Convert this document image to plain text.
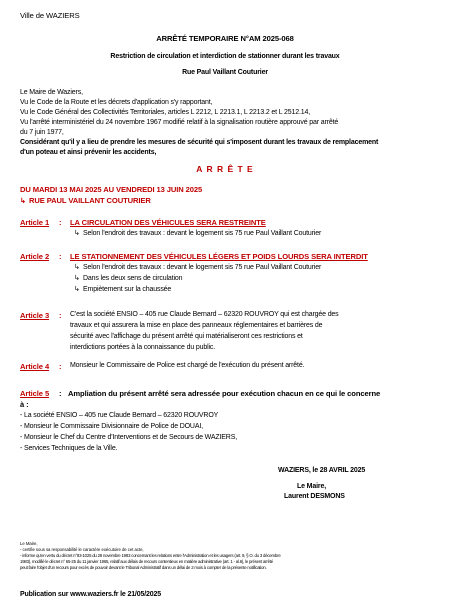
Ville de WAZIERS
ARRÊTÉ TEMPORAIRE N°AM 2025-068
Restriction de circulation et interdiction de stationner durant les travaux
Rue Paul Vaillant Couturier
Le Maire de Waziers,
Vu le Code de la Route et les décrets d'application s'y rapportant,
Vu le Code Général des Collectivités Territoriales, articles L 2212, L 2213.1, L 2213.2 et L 2512.14,
Vu l'arrêté interministériel du 24 novembre 1967 modifié relatif à la signalisation routière approuvé par arrêté
du 7 juin 1977,
Considérant qu'il y a lieu de prendre les mesures de sécurité qui s'imposent durant les travaux de remplacement
d'un poteau et ainsi prévenir les accidents,
A R R Ê T E
DU MARDI 13 MAI 2025 AU VENDREDI 13 JUIN 2025
↳ RUE PAUL VAILLANT COUTURIER
Article 1 : LA CIRCULATION DES VÉHICULES SERA RESTREINTE
↳ Selon l'endroit des travaux : devant le logement sis 75 rue Paul Vaillant Couturier
Article 2 : LE STATIONNEMENT DES VÉHICULES LÉGERS ET POIDS LOURDS SERA INTERDIT
↳ Selon l'endroit des travaux : devant le logement sis 75 rue Paul Vaillant Couturier
↳ Dans les deux sens de circulation
↳ Empiètement sur la chaussée
Article 3 : C'est la société ENSIO – 405 rue Claude Bernard – 62320 ROUVROY qui est chargée des
travaux et qui assurera la mise en place des panneaux réglementaires et barrières de
sécurité avec l'affichage du présent arrêté qui matérialiseront ces restrictions et
interdictions portées à la connaissance du public.
Article 4 : Monsieur le Commissaire de Police est chargé de l'exécution du présent arrêté.
Article 5 : Ampliation du présent arrêté sera adressée pour exécution chacun en ce qui le concerne
à :
- La société ENSIO – 405 rue Claude Bernard – 62320 ROUVROY
- Monsieur le Commissaire Divisionnaire de Police de DOUAI,
- Monsieur le Chef du Centre d'Interventions et de Secours de WAZIERS,
- Services Techniques de la Ville.
WAZIERS, le 28 AVRIL 2025
Le Maire,
Laurent DESMONS
Le Maire,
- certifie sous sa responsabilité le caractère exécutoire de cet acte,
- informe qu'en vertu du décret n°83-1025 du 28 novembre 1983 concernant les relations entre l'Administration et les usagers (art. 9, § O. du 3 décembre
1983), modifié le décret n° 65-25 du 11 janvier 1965, relatif aux délais de recours contentieux en matière administrative (art. 1 - al.6), le présent arrêté
peut faire l'objet d'un recours pour excès de pouvoir devant le Tribunal Administratif dans un délai de 2 mois à compter de la présente notification.
Publication sur www.waziers.fr le 21/05/2025
